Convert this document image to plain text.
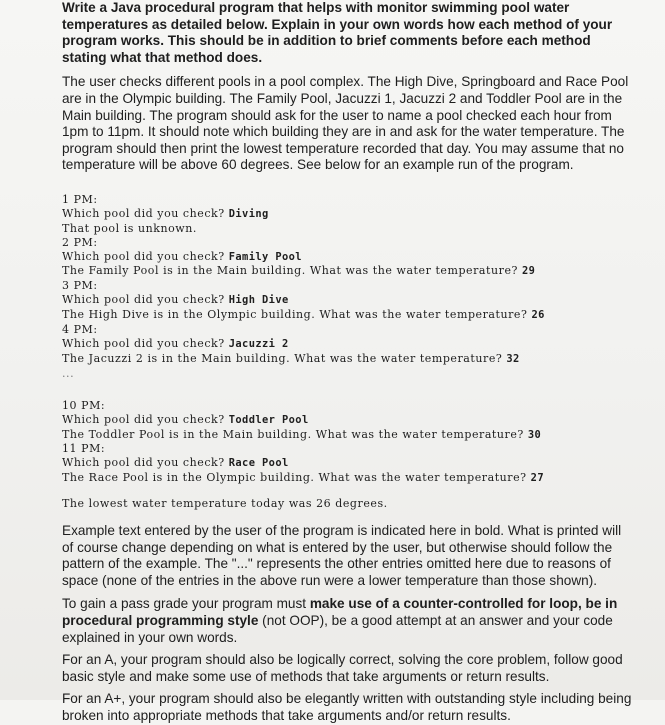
Write a Java procedural program that helps with monitor swimming pool water temperatures as detailed below. Explain in your own words how each method of your program works. This should be in addition to brief comments before each method stating what that method does.

The user checks different pools in a pool complex. The High Dive, Springboard and Race Pool are in the Olympic building. The Family Pool, Jacuzzi 1, Jacuzzi 2 and Toddler Pool are in the Main building. The program should ask for the user to name a pool checked each hour from 1pm to 11pm. It should note which building they are in and ask for the water temperature. The program should then print the lowest temperature recorded that day. You may assume that no temperature will be above 60 degrees. See below for an example run of the program.

1 PM:
Which pool did you check? Diving
That pool is unknown.
2 PM:
Which pool did you check? Family Pool
The Family Pool is in the Main building. What was the water temperature? 29
3 PM:
Which pool did you check? High Dive
The High Dive is in the Olympic building. What was the water temperature? 26
4 PM:
Which pool did you check? Jacuzzi 2
The Jacuzzi 2 is in the Main building. What was the water temperature? 32
...
10 PM:
Which pool did you check? Toddler Pool
The Toddler Pool is in the Main building. What was the water temperature? 30
11 PM:
Which pool did you check? Race Pool
The Race Pool is in the Olympic building. What was the water temperature? 27
The lowest water temperature today was 26 degrees.

Example text entered by the user of the program is indicated here in bold. What is printed will of course change depending on what is entered by the user, but otherwise should follow the pattern of the example. The "..." represents the other entries omitted here due to reasons of space (none of the entries in the above run were a lower temperature than those shown).

To gain a pass grade your program must make use of a counter-controlled for loop, be in procedural programming style (not OOP), be a good attempt at an answer and your code explained in your own words.

For an A, your program should also be logically correct, solving the core problem, follow good basic style and make some use of methods that take arguments or return results.

For an A+, your program should also be elegantly written with outstanding style including being broken into appropriate methods that take arguments and/or return results.
